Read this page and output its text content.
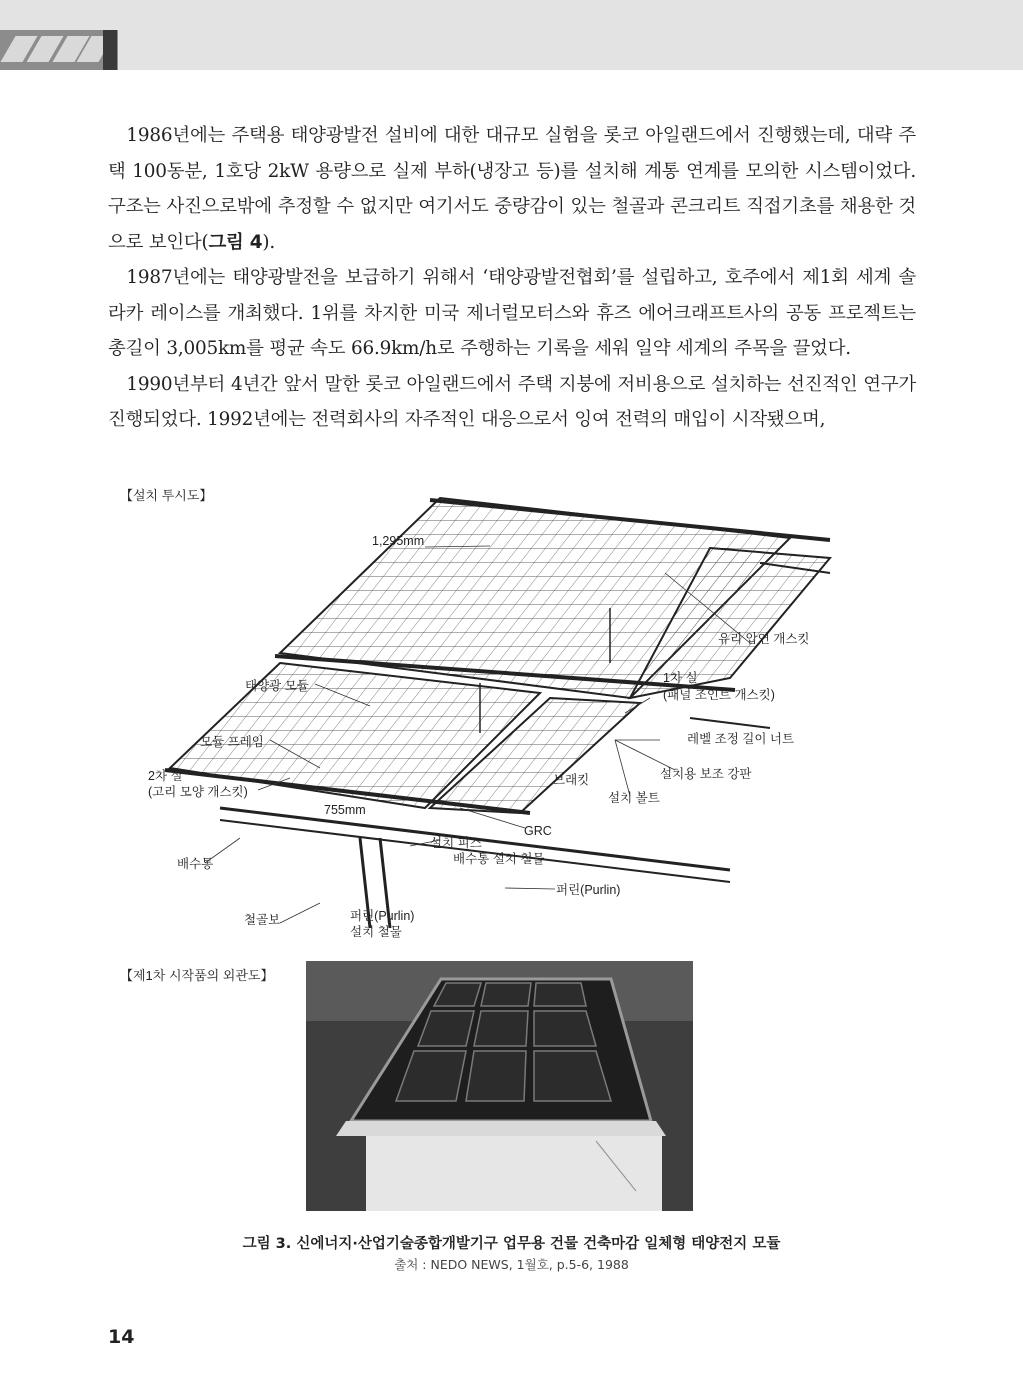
1986년에는 주택용 태양광발전 설비에 대한 대규모 실험을 롯코 아일랜드에서 진행했는데, 대략 주택 100동분, 1호당 2kW 용량으로 실제 부하(냉장고 등)를 설치해 계통 연계를 모의한 시스템이었다. 구조는 사진으로밖에 추정할 수 없지만 여기서도 중량감이 있는 철골과 콘크리트 직접기초를 채용한 것으로 보인다(그림 4).

1987년에는 태양광발전을 보급하기 위해서 ‘태양광발전협회’를 설립하고, 호주에서 제1회 세계 솔라카 레이스를 개최했다. 1위를 차지한 미국 제너럴모터스와 휴즈 에어크래프트사의 공동 프로젝트는 총길이 3,005km를 평균 속도 66.9km/h로 주행하는 기록을 세워 일약 세계의 주목을 끌었다.

1990년부터 4년간 앞서 말한 롯코 아일랜드에서 주택 지붕에 저비용으로 설치하는 선진적인 연구가 진행되었다. 1992년에는 전력회사의 자주적인 대응으로서 잉여 전력의 매입이 시작됐으며,

【설치 투시도】
【제1차 시작품의 외관도】
1,295mm
유리 압연 개스킷
1차 실
(패널 조인트 개스킷)
태양광 모듈
모듈 프레임	레벨 조정 길이 너트
2차 실
(고리 모양 개스킷)
브래킷	설치용 보조 강판
설치 볼트
755mm
GRC
설치 피스
배수통 설치 철물
배수통
퍼린(Purlin)
철골보	퍼린(Purlin)
설치 철물
그림 3. 신에너지·산업기술종합개발기구 업무용 건물 건축마감 일체형 태양전지 모듈
출처 : NEDO NEWS, 1월호, p.5-6, 1988
14
